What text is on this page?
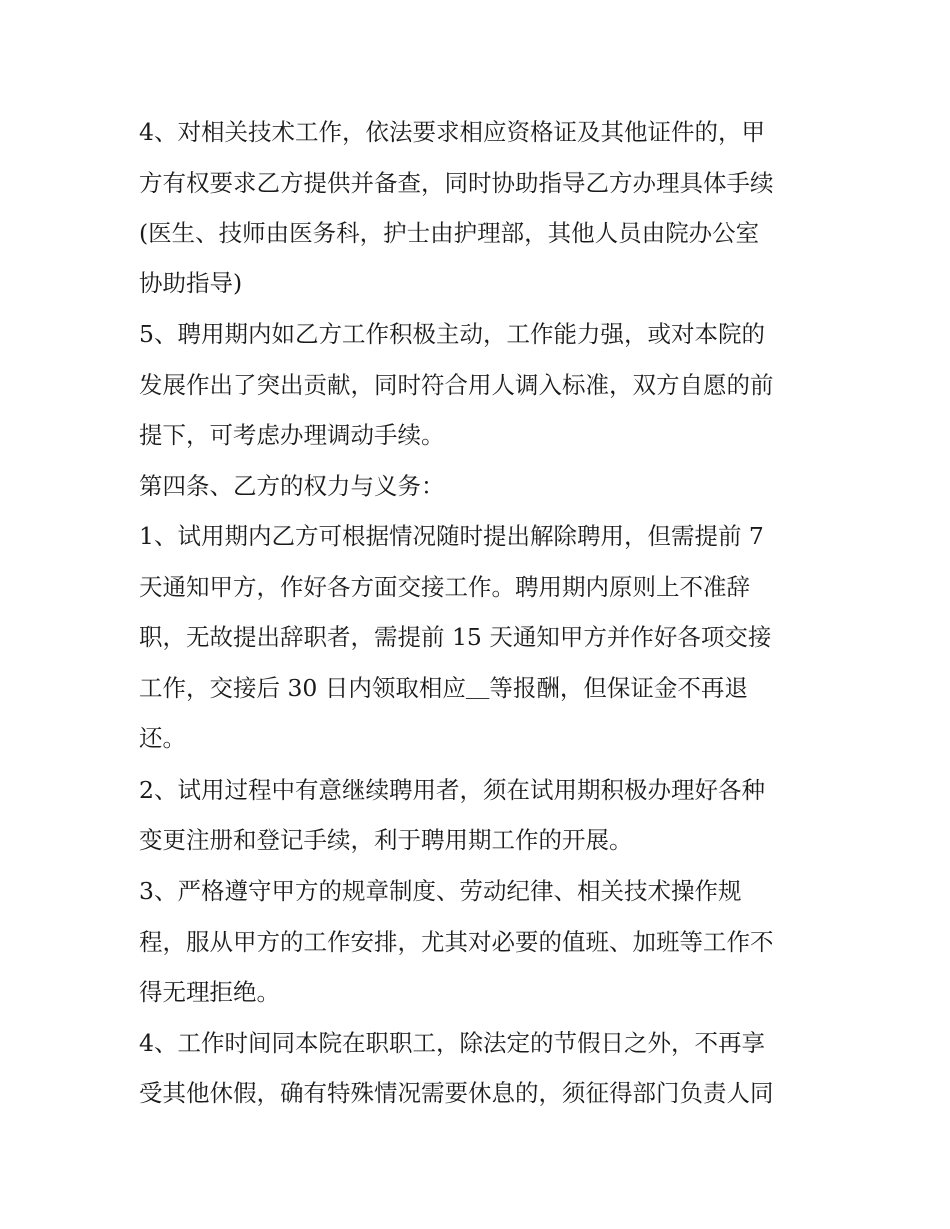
4、对相关技术工作，依法要求相应资格证及其他证件的，甲
方有权要求乙方提供并备查，同时协助指导乙方办理具体手续
(医生、技师由医务科，护士由护理部，其他人员由院办公室
协助指导)
5、聘用期内如乙方工作积极主动，工作能力强，或对本院的
发展作出了突出贡献，同时符合用人调入标准，双方自愿的前
提下，可考虑办理调动手续。
第四条、乙方的权力与义务：
1、试用期内乙方可根据情况随时提出解除聘用，但需提前 7
天通知甲方，作好各方面交接工作。聘用期内原则上不准辞
职，无故提出辞职者，需提前 15 天通知甲方并作好各项交接
工作，交接后 30 日内领取相应＿等报酬，但保证金不再退
还。
2、试用过程中有意继续聘用者，须在试用期积极办理好各种
变更注册和登记手续，利于聘用期工作的开展。
3、严格遵守甲方的规章制度、劳动纪律、相关技术操作规
程，服从甲方的工作安排，尤其对必要的值班、加班等工作不
得无理拒绝。
4、工作时间同本院在职职工，除法定的节假日之外，不再享
受其他休假，确有特殊情况需要休息的，须征得部门负责人同
